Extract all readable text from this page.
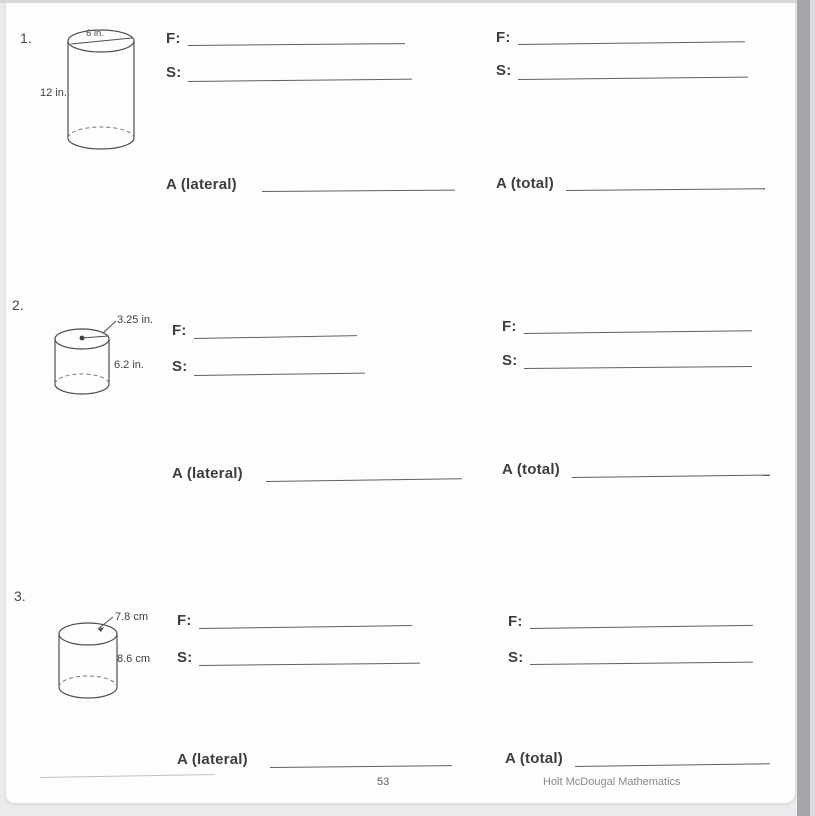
1.	6 in.
12 in.
F:
S:
F:
S:
A (lateral)	A (total)
2.
3.25 in.
6.2 in.
F:
S:
F:
S:
A (lateral)	A (total)
3.
7.8 cm
8.6 cm
F:
S:
F:
S:
A (lateral)	A (total)
53	Holt McDougal Mathematics
